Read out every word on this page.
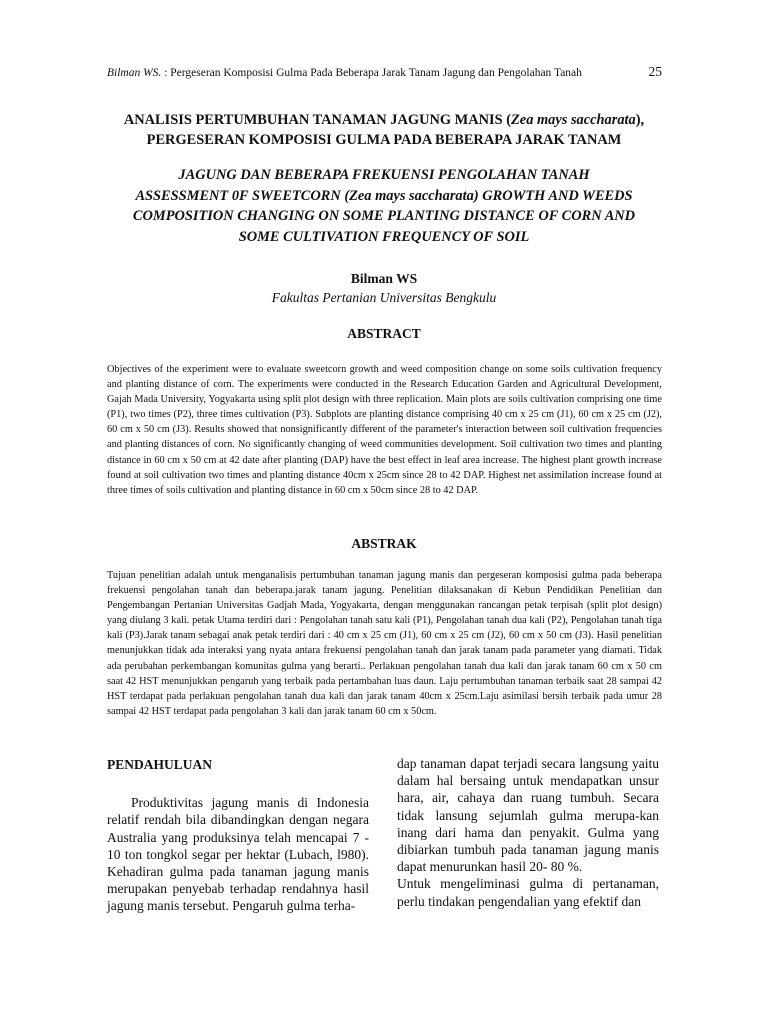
Bilman WS. : Pergeseran Komposisi Gulma Pada Beberapa Jarak Tanam Jagung dan Pengolahan Tanah	25
ANALISIS PERTUMBUHAN TANAMAN JAGUNG MANIS (Zea mays saccharata),
PERGESERAN KOMPOSISI GULMA PADA BEBERAPA JARAK TANAM
JAGUNG DAN BEBERAPA FREKUENSI PENGOLAHAN TANAH
ASSESSMENT 0F SWEETCORN (Zea mays saccharata) GROWTH AND WEEDS
COMPOSITION CHANGING ON SOME PLANTING DISTANCE OF CORN AND
SOME CULTIVATION FREQUENCY OF SOIL
Bilman WS
Fakultas Pertanian Universitas Bengkulu
ABSTRACT

Objectives of the experiment were to evaluate sweetcorn growth and weed composition change on some soils cultivation frequency and planting distance of corn. The experiments were conducted in the Research Education Garden and Agricultural Development, Gajah Mada University, Yogyakarta using split plot design with three replication. Main plots are soils cultivation comprising one time (P1), two times (P2), three times cultivation (P3). Subplots are planting distance comprising 40 cm x 25 cm (J1), 60 cm x 25 cm (J2), 60 cm x 50 cm (J3). Results showed that nonsignificantly different of the parameter's interaction between soil cultivation frequencies and planting distances of corn. No significantly changing of weed communities development. Soil cultivation two times and planting distance in 60 cm x 50 cm at 42 date after planting (DAP) have the best effect in leaf area increase. The highest plant growth increase found at soil cultivation two times and planting distance 40cm x 25cm since 28 to 42 DAP. Highest net assimilation increase found at three times of soils cultivation and planting distance in 60 cm x 50cm since 28 to 42 DAP.

ABSTRAK

Tujuan penelitian adalah untuk menganalisis pertumbuhan tanaman jagung manis dan pergeseran komposisi gulma pada beberapa frekuensi pengolahan tanah dan beberapa.jarak tanam jagung. Penelitian dilaksanakan di Kebun Pendidikan Penelitian dan Pengembangan Pertanian Universitas Gadjah Mada, Yogyakarta, dengan menggunakan rancangan petak terpisah (split plot design) yang diulang 3 kali. petak Utama terdiri dari : Pengolahan tanah satu kali (P1), Pengolahan tanah dua kali (P2), Pengolahan tanah tiga kali (P3).Jarak tanam sebagai anak petak terdiri dari : 40 cm x 25 cm (J1), 60 cm x 25 cm (J2), 60 cm x 50 cm (J3). Hasil penelitian menunjukkan tidak ada interaksi yang nyata antara frekuensi pengolahan tanah dan jarak tanam pada parameter yang diamati. Tidak ada perubahan perkembangan komunitas gulma yang berarti.. Perlakuan pengolahan tanah dua kali dan jarak tanam 60 cm x 50 cm saat 42 HST menunjukkan pengaruh yang terbaik pada pertambahan luas daun. Laju pertumbuhan tanaman terbaik saat 28 sampai 42 HST terdapat pada perlakuan pengolahan tanah dua kali dan jarak tanam 40cm x 25cm.Laju asimilasi bersih terbaik pada umur 28 sampai 42 HST terdapat pada pengolahan 3 kali dan jarak tanam 60 cm x 50cm.

PENDAHULUAN

Produktivitas jagung manis di Indonesia relatif rendah bila dibandingkan dengan negara Australia yang produksinya telah mencapai 7 - 10 ton tongkol segar per hektar (Lubach, l980). Kehadiran gulma pada tanaman jagung manis merupakan penyebab terhadap rendahnya hasil jagung manis tersebut. Pengaruh gulma terha-

dap tanaman dapat terjadi secara langsung yaitu dalam hal bersaing untuk mendapatkan unsur hara, air, cahaya dan ruang tumbuh. Secara tidak lansung sejumlah gulma merupa-kan inang dari hama dan penyakit. Gulma yang dibiarkan tumbuh pada tanaman jagung manis dapat menurunkan hasil 20- 80 %.

Untuk mengeliminasi gulma di pertanaman, perlu tindakan pengendalian yang efektif dan
